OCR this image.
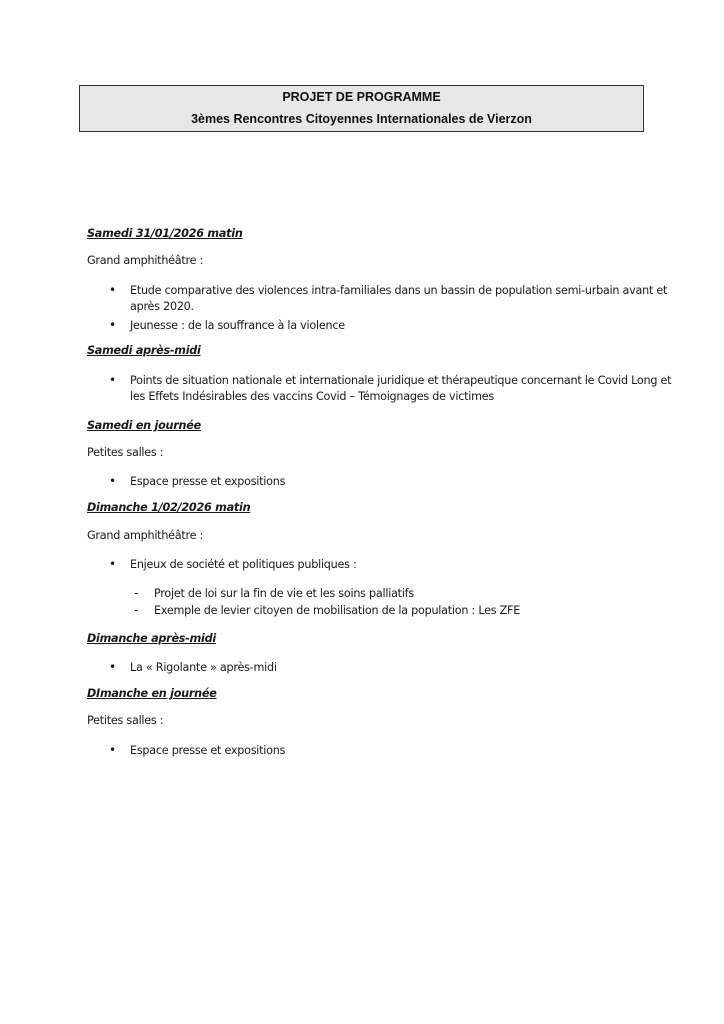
PROJET DE PROGRAMME
3èmes Rencontres Citoyennes Internationales de Vierzon
Samedi 31/01/2026 matin
Grand amphithéâtre :
• Etude comparative des violences intra-familiales dans un bassin de population semi-urbain avant et après 2020.
• Jeunesse : de la souffrance à la violence
Samedi après-midi
• Points de situation nationale et internationale juridique et thérapeutique concernant le Covid Long et les Effets Indésirables des vaccins Covid – Témoignages de victimes
Samedi en journée
Petites salles :
• Espace presse et expositions
Dimanche 1/02/2026 matin
Grand amphithéâtre :
• Enjeux de société et politiques publiques :
- Projet de loi sur la fin de vie et les soins palliatifs
- Exemple de levier citoyen de mobilisation de la population : Les ZFE
Dimanche après-midi
• La « Rigolante » après-midi
DImanche en journée
Petites salles :
• Espace presse et expositions
